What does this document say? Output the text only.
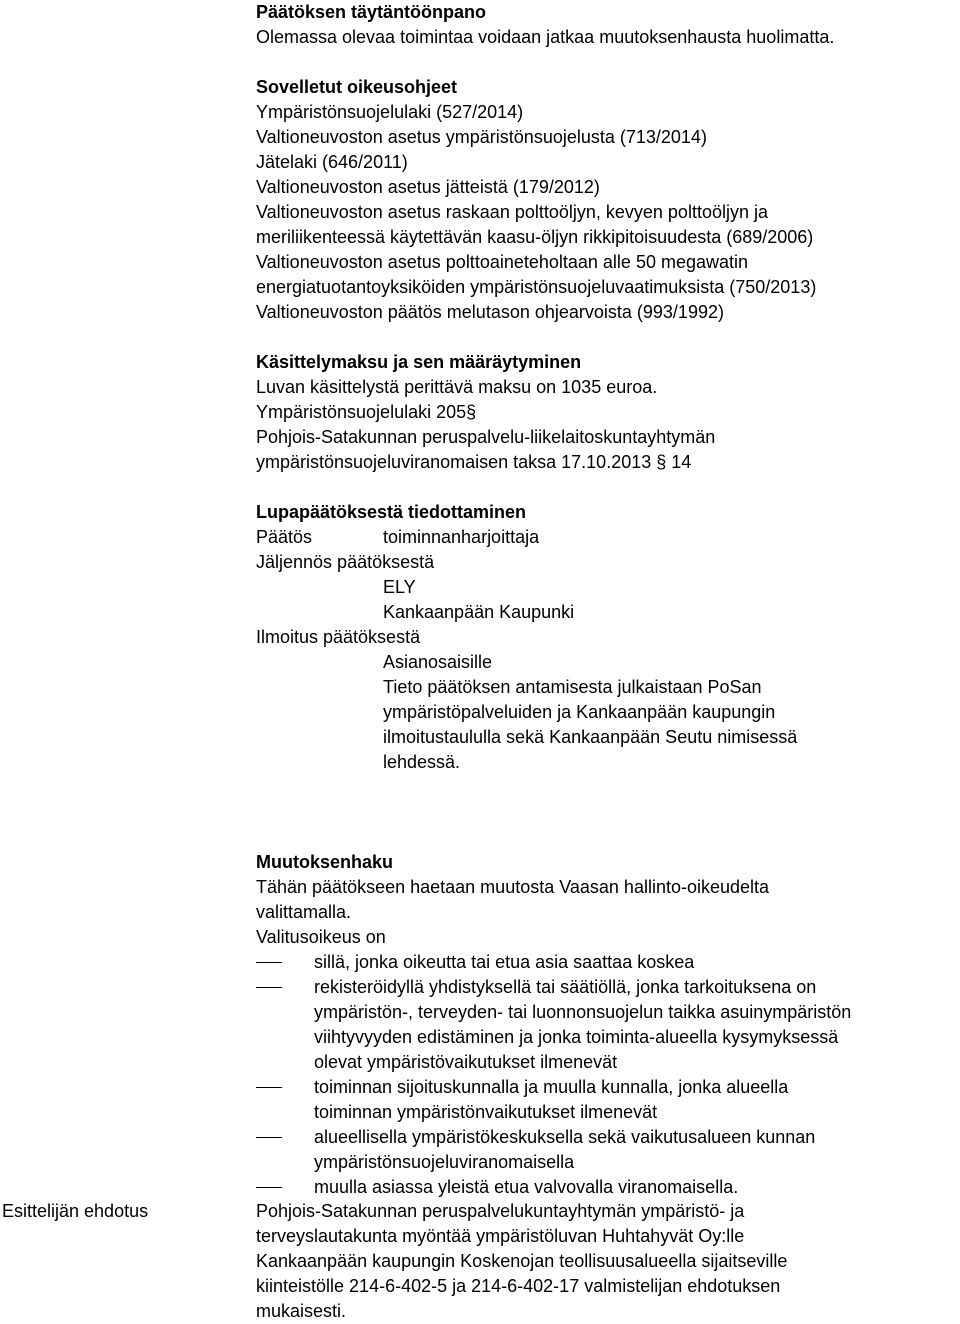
Päätöksen täytäntöönpano
Olemassa olevaa toimintaa voidaan jatkaa muutoksenhausta huolimatta.
Sovelletut oikeusohjeet
Ympäristönsuojelulaki (527/2014)
Valtioneuvoston asetus ympäristönsuojelusta (713/2014)
Jätelaki (646/2011)
Valtioneuvoston asetus jätteistä (179/2012)
Valtioneuvoston asetus raskaan polttoöljyn, kevyen polttoöljyn ja
meriliikenteessä käytettävän kaasu-öljyn rikkipitoisuudesta (689/2006)
Valtioneuvoston asetus polttoaineteholtaan alle 50 megawatin
energiatuotantoyksiköiden ympäristönsuojeluvaatimuksista (750/2013)
Valtioneuvoston päätös melutason ohjearvoista (993/1992)
Käsittelymaksu ja sen määräytyminen
Luvan käsittelystä perittävä maksu on 1035 euroa.
Ympäristönsuojelulaki 205§
Pohjois-Satakunnan peruspalvelu-liikelaitoskuntayhtymän
ympäristönsuojeluviranomaisen taksa 17.10.2013 § 14
Lupapäätöksestä tiedottaminen
Päätös	toiminnanharjoittaja
Jäljennös päätöksestä
ELY
Kankaanpään Kaupunki
Ilmoitus päätöksestä
Asianosaisille
Tieto päätöksen antamisesta julkaistaan PoSan
ympäristöpalveluiden ja Kankaanpään kaupungin
ilmoitustaululla sekä Kankaanpään Seutu nimisessä
lehdessä.
Muutoksenhaku
Tähän päätökseen haetaan muutosta Vaasan hallinto-oikeudelta
valittamalla.
Valitusoikeus on
sillä, jonka oikeutta tai etua asia saattaa koskea
rekisteröidyllä yhdistyksellä tai säätiöllä, jonka tarkoituksena on
ympäristön-, terveyden- tai luonnonsuojelun taikka asuinympäristön
viihtyvyyden edistäminen ja jonka toiminta-alueella kysymyksessä
olevat ympäristövaikutukset ilmenevät
toiminnan sijoituskunnalla ja muulla kunnalla, jonka alueella
toiminnan ympäristönvaikutukset ilmenevät
alueellisella ympäristökeskuksella sekä vaikutusalueen kunnan
ympäristönsuojeluviranomaisella
muulla asiassa yleistä etua valvovalla viranomaisella.
Esittelijän ehdotus	Pohjois-Satakunnan peruspalvelukuntayhtymän ympäristö- ja
terveyslautakunta myöntää ympäristöluvan Huhtahyvät Oy:lle
Kankaanpään kaupungin Koskenojan teollisuusalueella sijaitseville
kiinteistölle 214-6-402-5 ja 214-6-402-17 valmistelijan ehdotuksen
mukaisesti.
